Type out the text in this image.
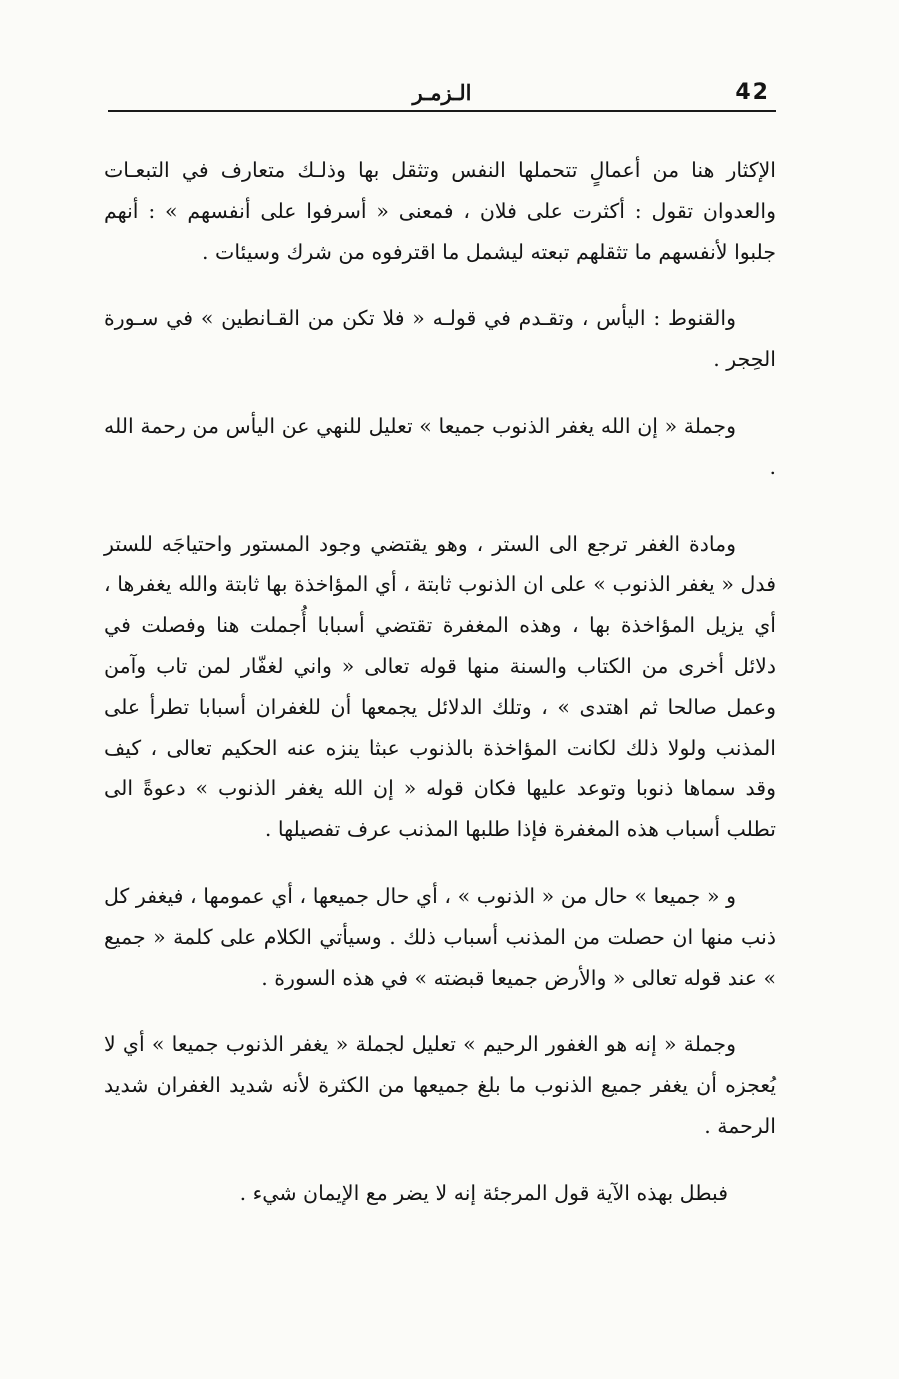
42
الـزمـر

الإكثار هنا من أعمالٍ تتحملها النفس وتثقل بها وذلـك متعارف في التبعـات والعدوان تقول : أكثرت على فلان ، فمعنى « أسرفوا على أنفسهم » : أنهم جلبوا لأنفسهم ما تثقلهم تبعته ليشمل ما اقترفوه من شرك وسيئات .

والقنوط : اليأس ، وتقـدم في قولـه « فلا تكن من القـانطين » في سـورة الحِجر .

وجملة « إن الله يغفر الذنوب جميعا » تعليل للنهي عن اليأس من رحمة الله .

ومادة الغفر ترجع الى الستر ، وهو يقتضي وجود المستور واحتياجَه للستر فدل « يغفر الذنوب » على ان الذنوب ثابتة ، أي المؤاخذة بها ثابتة والله يغفرها ، أي يزيل المؤاخذة بها ، وهذه المغفرة تقتضي أسبابا أُجملت هنا وفصلت في دلائل أخرى من الكتاب والسنة منها قوله تعالى « واني لغفّار لمن تاب وآمن وعمل صالحا ثم اهتدى » ، وتلك الدلائل يجمعها أن للغفران أسبابا تطرأ على المذنب ولولا ذلك لكانت المؤاخذة بالذنوب عبثا ينزه عنه الحكيم تعالى ، كيف وقد سماها ذنوبا وتوعد عليها فكان قوله « إن الله يغفر الذنوب » دعوةً الى تطلب أسباب هذه المغفرة فإذا طلبها المذنب عرف تفصيلها .

و « جميعا » حال من « الذنوب » ، أي حال جميعها ، أي عمومها ، فيغفر كل ذنب منها ان حصلت من المذنب أسباب ذلك . وسيأتي الكلام على كلمة « جميع » عند قوله تعالى « والأرض جميعا قبضته » في هذه السورة .

وجملة « إنه هو الغفور الرحيم » تعليل لجملة « يغفر الذنوب جميعا » أي لا يُعجزه أن يغفر جميع الذنوب ما بلغ جميعها من الكثرة لأنه شديد الغفران شديد الرحمة .

فبطل بهذه الآية قول المرجئة إنه لا يضر مع الإيمان شيء .
